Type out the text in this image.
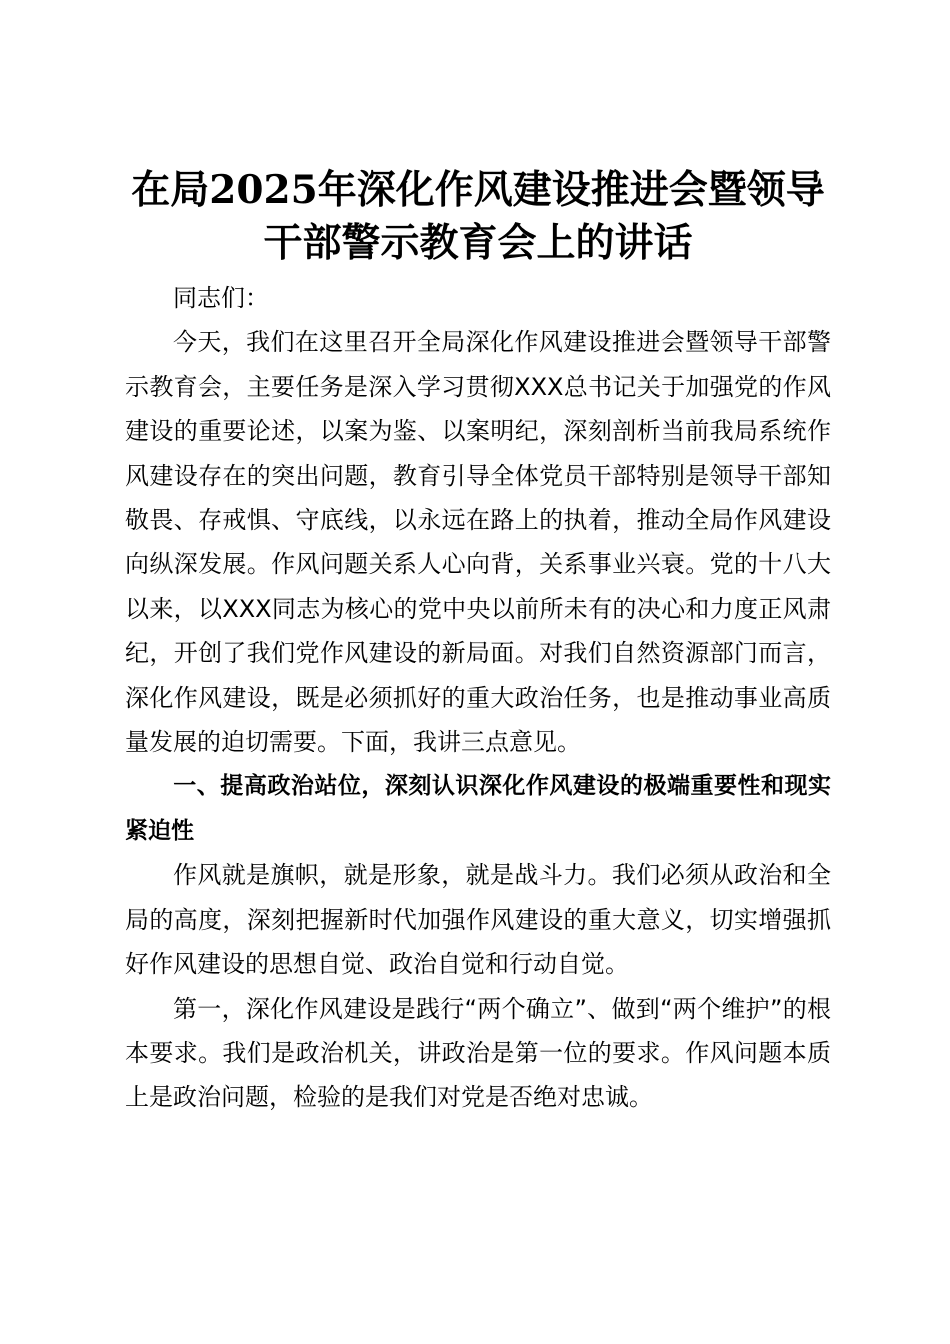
在局2025年深化作风建设推进会暨领导干部警示教育会上的讲话

同志们：

今天，我们在这里召开全局深化作风建设推进会暨领导干部警示教育会，主要任务是深入学习贯彻XXX总书记关于加强党的作风建设的重要论述，以案为鉴、以案明纪，深刻剖析当前我局系统作风建设存在的突出问题，教育引导全体党员干部特别是领导干部知敬畏、存戒惧、守底线，以永远在路上的执着，推动全局作风建设向纵深发展。作风问题关系人心向背，关系事业兴衰。党的十八大以来，以XXX同志为核心的党中央以前所未有的决心和力度正风肃纪，开创了我们党作风建设的新局面。对我们自然资源部门而言，深化作风建设，既是必须抓好的重大政治任务，也是推动事业高质量发展的迫切需要。下面，我讲三点意见。

一、提高政治站位，深刻认识深化作风建设的极端重要性和现实紧迫性

作风就是旗帜，就是形象，就是战斗力。我们必须从政治和全局的高度，深刻把握新时代加强作风建设的重大意义，切实增强抓好作风建设的思想自觉、政治自觉和行动自觉。

第一，深化作风建设是践行“两个确立”、做到“两个维护”的根本要求。我们是政治机关，讲政治是第一位的要求。作风问题本质上是政治问题，检验的是我们对党是否绝对忠诚。
